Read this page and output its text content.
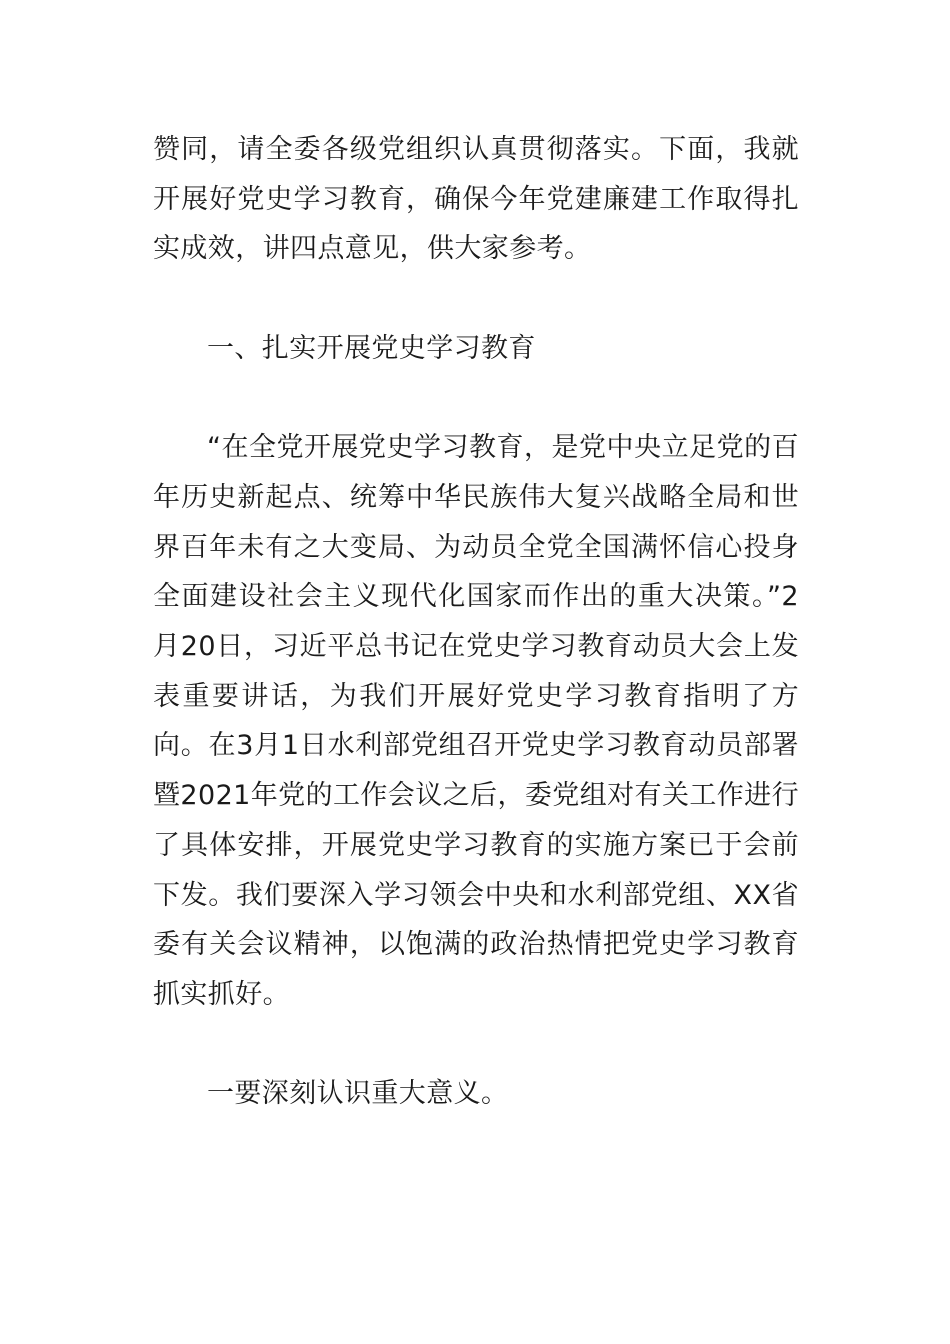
赞同，请全委各级党组织认真贯彻落实。下面，我就开展好党史学习教育，确保今年党建廉建工作取得扎实成效，讲四点意见，供大家参考。

一、扎实开展党史学习教育

“在全党开展党史学习教育，是党中央立足党的百年历史新起点、统筹中华民族伟大复兴战略全局和世界百年未有之大变局、为动员全党全国满怀信心投身全面建设社会主义现代化国家而作出的重大决策。”2月20日，习近平总书记在党史学习教育动员大会上发表重要讲话，为我们开展好党史学习教育指明了方向。在3月1日水利部党组召开党史学习教育动员部署暨2021年党的工作会议之后，委党组对有关工作进行了具体安排，开展党史学习教育的实施方案已于会前下发。我们要深入学习领会中央和水利部党组、XX省委有关会议精神，以饱满的政治热情把党史学习教育抓实抓好。

一要深刻认识重大意义。
